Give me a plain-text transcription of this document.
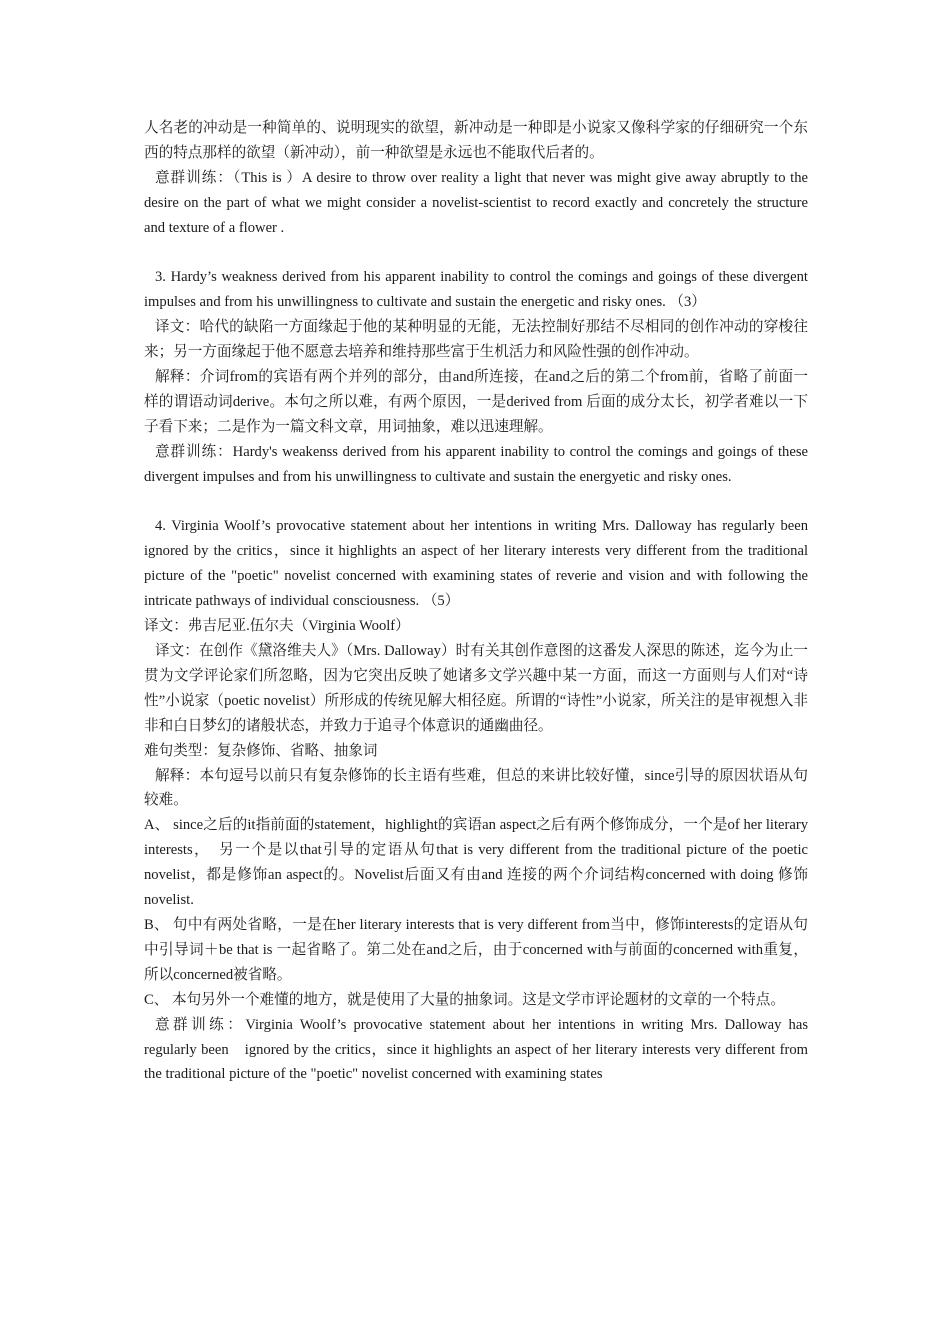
人名老的冲动是一种简单的、说明现实的欲望，新冲动是一种即是小说家又像科学家的仔细研究一个东西的特点那样的欲望（新冲动），前一种欲望是永远也不能取代后者的。

意群训练：（This is ）A desire to throw over reality a light that never was might give away abruptly to the desire on the part of what we might consider a novelist-scientist to record exactly and concretely the structure and texture of a flower .

3. Hardy’s weakness derived from his apparent inability to control the comings and goings of these divergent impulses and from his unwillingness to cultivate and sustain the energetic and risky ones. （3）

译文：哈代的缺陷一方面缘起于他的某种明显的无能，无法控制好那结不尽相同的创作冲动的穿梭往来；另一方面缘起于他不愿意去培养和维持那些富于生机活力和风险性强的创作冲动。

解释：介词from的宾语有两个并列的部分，由and所连接，在and之后的第二个from前，省略了前面一样的谓语动词derive。本句之所以难，有两个原因，一是derived from 后面的成分太长，初学者难以一下子看下来；二是作为一篇文科文章，用词抽象，难以迅速理解。

意群训练：Hardy's weakenss derived from his apparent inability to control the comings and goings of these divergent impulses and from his unwillingness to cultivate and sustain the energyetic and risky ones.

4. Virginia Woolf’s provocative statement about her intentions in writing Mrs. Dalloway has regularly been　ignored by the critics，since it highlights an aspect of her literary interests very different from the traditional picture of the "poetic" novelist concerned with examining states of reverie and vision and with following the intricate pathways of individual consciousness. （5）

译文：弗吉尼亚.伍尔夫（Virginia Woolf）

译文：在创作《黛洛维夫人》（Mrs. Dalloway）时有关其创作意图的这番发人深思的陈述，迄今为止一贯为文学评论家们所忽略，因为它突出反映了她诸多文学兴趣中某一方面，而这一方面则与人们对“诗性”小说家（poetic novelist）所形成的传统见解大相径庭。所谓的“诗性”小说家，所关注的是审视想入非非和白日梦幻的诸般状态，并致力于追寻个体意识的通幽曲径。

难句类型：复杂修饰、省略、抽象词

解释：本句逗号以前只有复杂修饰的长主语有些难，但总的来讲比较好懂，since引导的原因状语从句较难。

A、 since之后的it指前面的statement，highlight的宾语an aspect之后有两个修饰成分，一个是of her literary interests，　另一个是以that引导的定语从句that is very different from the traditional picture of the poetic novelist，都是修饰an aspect的。Novelist后面又有由and 连接的两个介词结构concerned with doing 修饰novelist.

B、 句中有两处省略，一是在her literary interests that is very different from当中，修饰interests的定语从句中引导词＋be that is 一起省略了。第二处在and之后，由于concerned with与前面的concerned with重复，所以concerned被省略。

C、 本句另外一个难懂的地方，就是使用了大量的抽象词。这是文学市评论题材的文章的一个特点。

意群训练：Virginia Woolf’s provocative statement about her intentions in writing Mrs. Dalloway has regularly been　ignored by the critics，since it highlights an aspect of her literary interests very different from the traditional picture of the "poetic" novelist concerned with examining states
